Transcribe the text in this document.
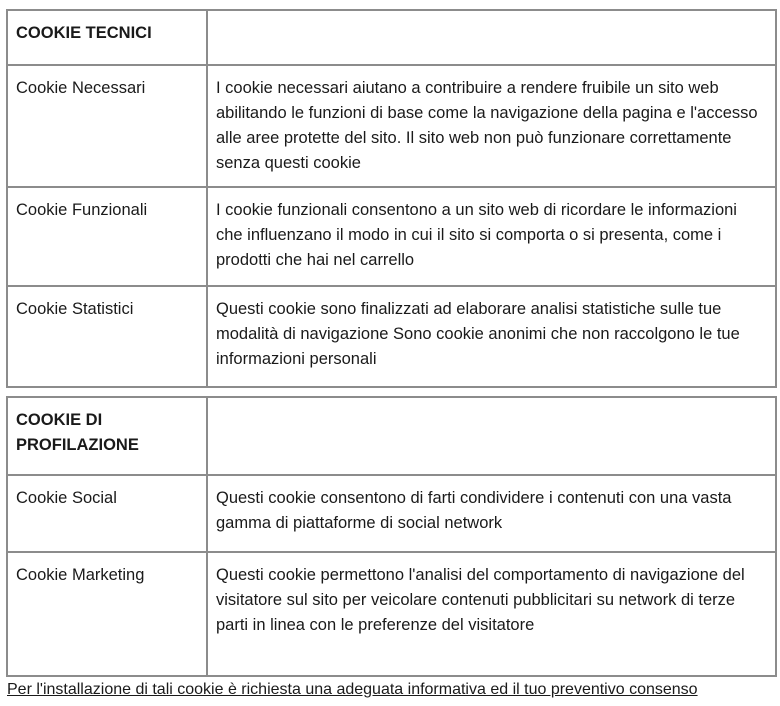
COOKIE TECNICI	
Cookie Necessari	I cookie necessari aiutano a contribuire a rendere fruibile un sito web abilitando le funzioni di base come la navigazione della pagina e l'accesso alle aree protette del sito. Il sito web non può funzionare correttamente senza questi cookie
Cookie Funzionali	I cookie funzionali consentono a un sito web di ricordare le informazioni che influenzano il modo in cui il sito si comporta o si presenta, come i prodotti che hai nel carrello
Cookie Statistici	Questi cookie sono finalizzati ad elaborare analisi statistiche sulle tue modalità di navigazione Sono cookie anonimi che non raccolgono le tue informazioni personali
COOKIE DI PROFILAZIONE	
Cookie Social	Questi cookie consentono di farti condividere i contenuti con una vasta gamma di piattaforme di social network
Cookie Marketing	Questi cookie permettono l'analisi del comportamento di navigazione del visitatore sul sito per veicolare contenuti pubblicitari su network di terze parti in linea con le preferenze del visitatore
Per l'installazione di tali cookie è richiesta una adeguata informativa ed il tuo preventivo consenso
